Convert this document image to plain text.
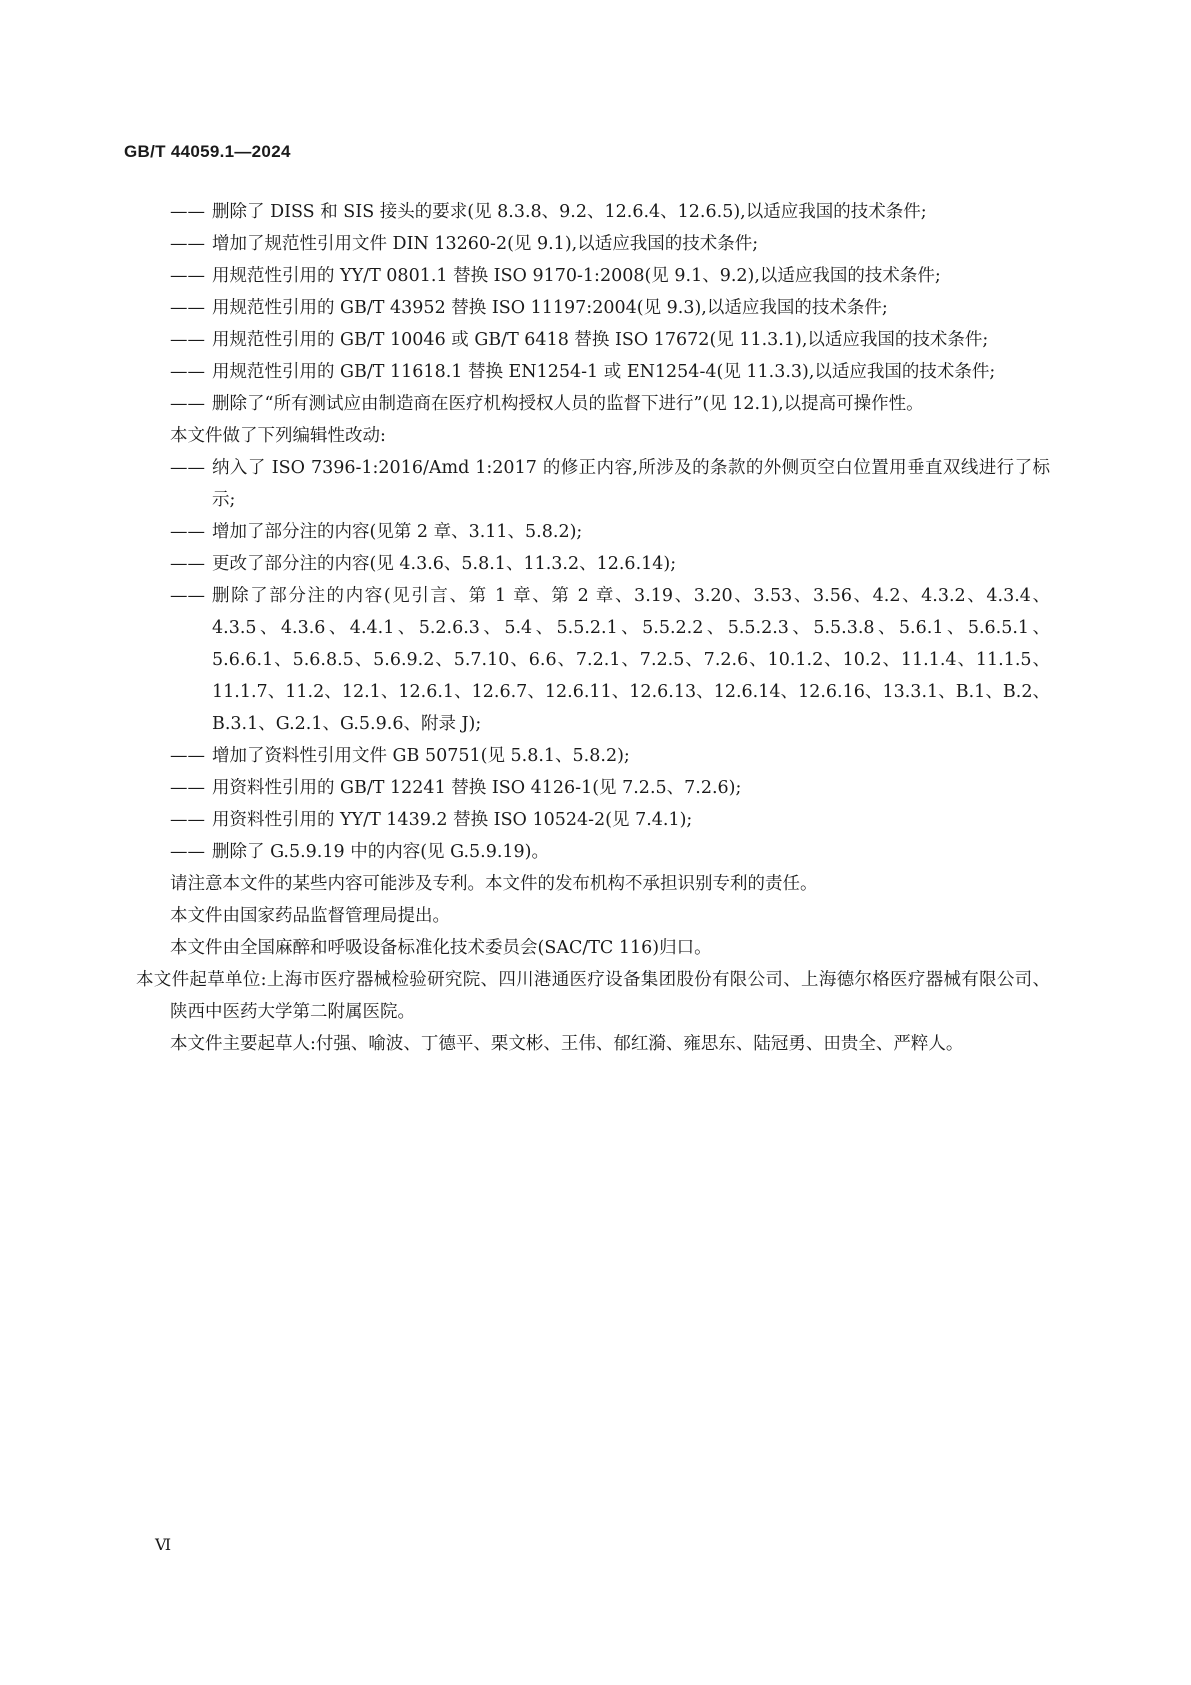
GB/T 44059.1—2024
—— 删除了 DISS 和 SIS 接头的要求(见 8.3.8、9.2、12.6.4、12.6.5),以适应我国的技术条件;
—— 增加了规范性引用文件 DIN 13260-2(见 9.1),以适应我国的技术条件;
—— 用规范性引用的 YY/T 0801.1 替换 ISO 9170-1:2008(见 9.1、9.2),以适应我国的技术条件;
—— 用规范性引用的 GB/T 43952 替换 ISO 11197:2004(见 9.3),以适应我国的技术条件;
—— 用规范性引用的 GB/T 10046 或 GB/T 6418 替换 ISO 17672(见 11.3.1),以适应我国的技术条件;
—— 用规范性引用的 GB/T 11618.1 替换 EN1254-1 或 EN1254-4(见 11.3.3),以适应我国的技术条件;
—— 删除了“所有测试应由制造商在医疗机构授权人员的监督下进行”(见 12.1),以提高可操作性。
本文件做了下列编辑性改动:
—— 纳入了 ISO 7396-1:2016/Amd 1:2017 的修正内容,所涉及的条款的外侧页空白位置用垂直双线进行了标示;
—— 增加了部分注的内容(见第 2 章、3.11、5.8.2);
—— 更改了部分注的内容(见 4.3.6、5.8.1、11.3.2、12.6.14);
—— 删除了部分注的内容(见引言、第 1 章、第 2 章、3.19、3.20、3.53、3.56、4.2、4.3.2、4.3.4、4.3.5、4.3.6、4.4.1、5.2.6.3、5.4、5.5.2.1、5.5.2.2、5.5.2.3、5.5.3.8、5.6.1、5.6.5.1、5.6.6.1、5.6.8.5、5.6.9.2、5.7.10、6.6、7.2.1、7.2.5、7.2.6、10.1.2、10.2、11.1.4、11.1.5、11.1.7、11.2、12.1、12.6.1、12.6.7、12.6.11、12.6.13、12.6.14、12.6.16、13.3.1、B.1、B.2、B.3.1、G.2.1、G.5.9.6、附录 J);
—— 增加了资料性引用文件 GB 50751(见 5.8.1、5.8.2);
—— 用资料性引用的 GB/T 12241 替换 ISO 4126-1(见 7.2.5、7.2.6);
—— 用资料性引用的 YY/T 1439.2 替换 ISO 10524-2(见 7.4.1);
—— 删除了 G.5.9.19 中的内容(见 G.5.9.19)。
请注意本文件的某些内容可能涉及专利。本文件的发布机构不承担识别专利的责任。
本文件由国家药品监督管理局提出。
本文件由全国麻醉和呼吸设备标准化技术委员会(SAC/TC 116)归口。
本文件起草单位:上海市医疗器械检验研究院、四川港通医疗设备集团股份有限公司、上海德尔格医疗器械有限公司、陕西中医药大学第二附属医院。
本文件主要起草人:付强、喻波、丁德平、栗文彬、王伟、郁红漪、雍思东、陆冠勇、田贵全、严粹人。
Ⅵ
